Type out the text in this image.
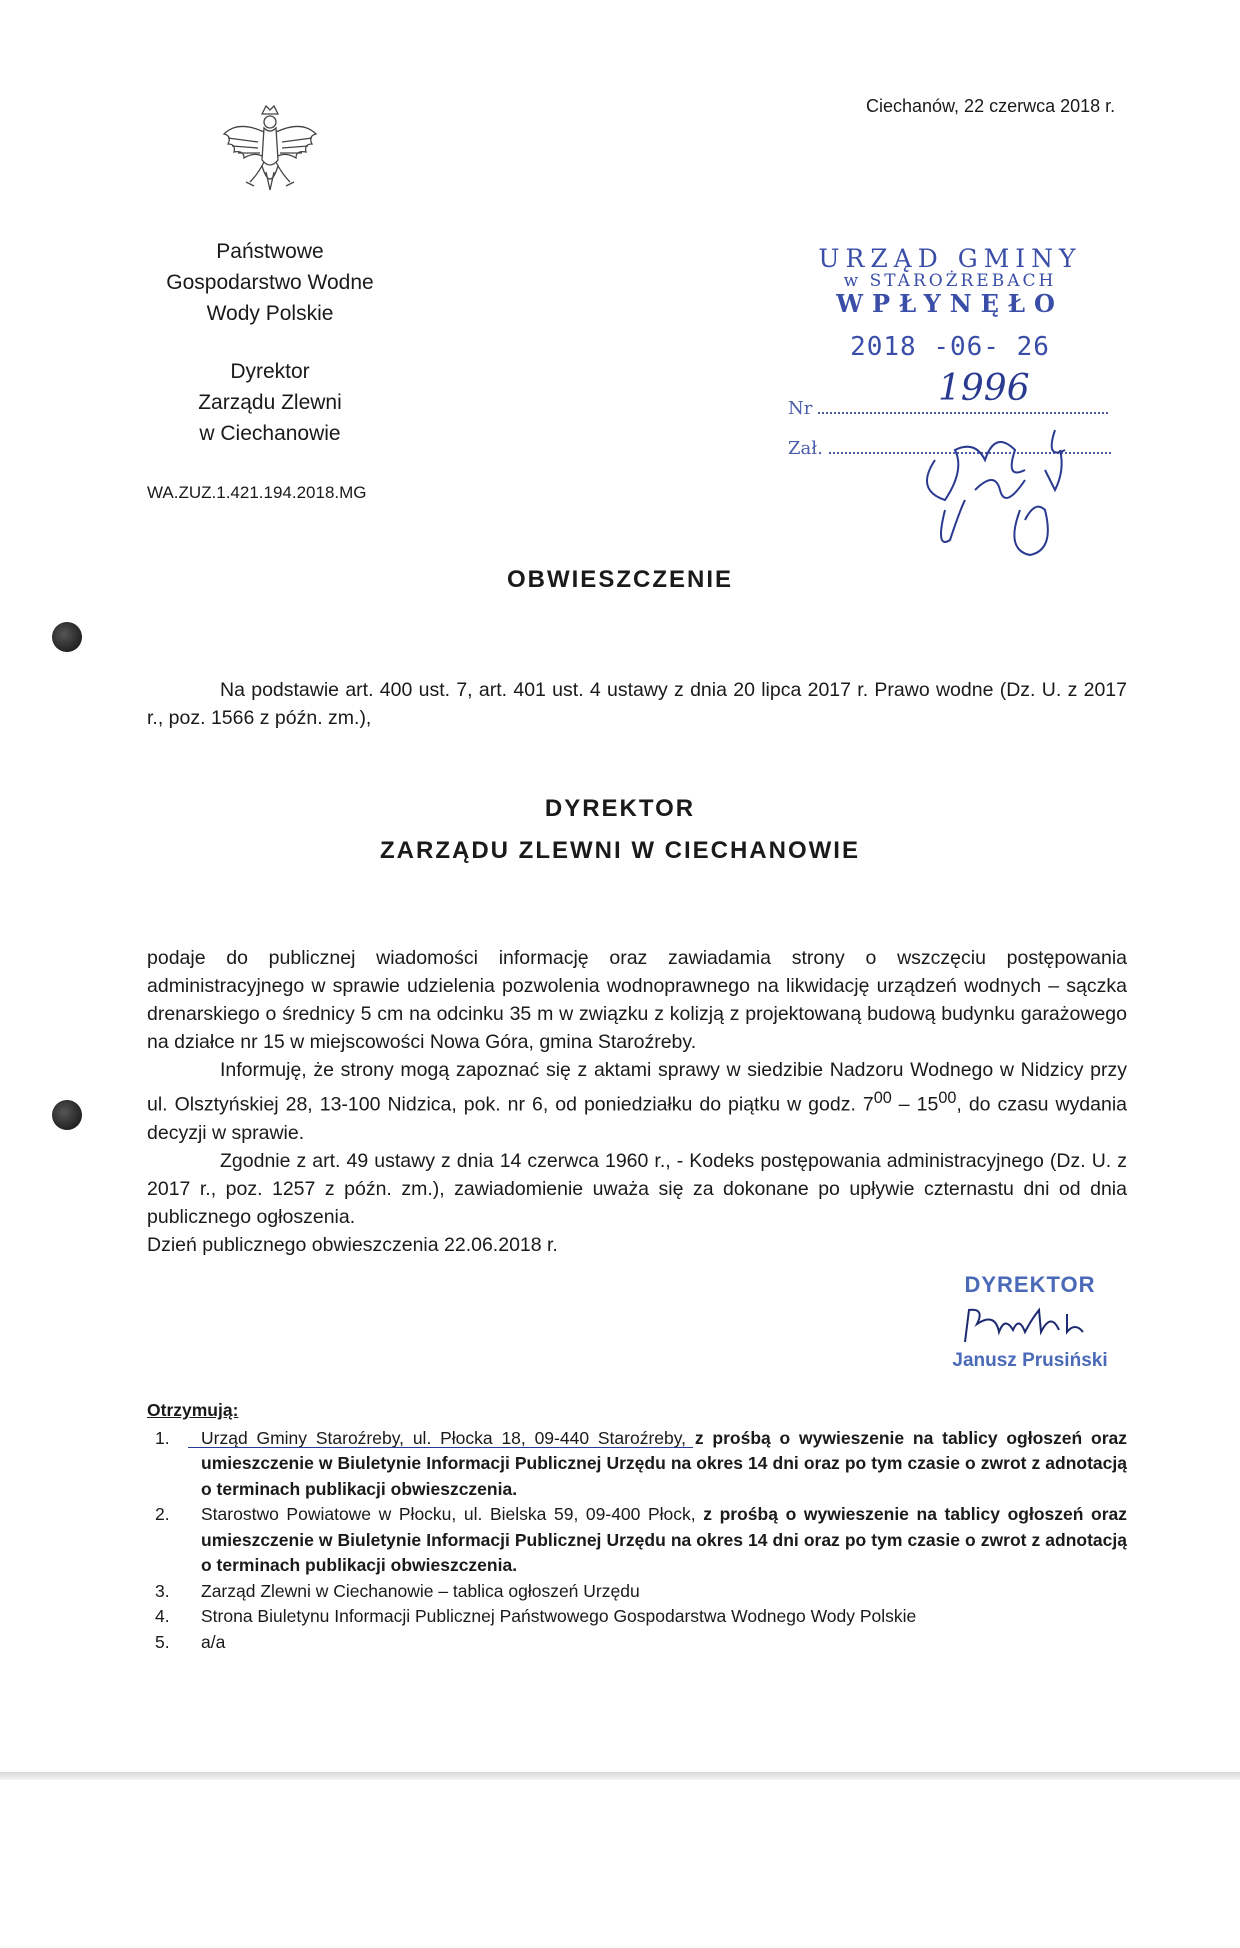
Ciechanów, 22 czerwca 2018 r.
Państwowe
Gospodarstwo Wodne
Wody Polskie
Dyrektor
Zarządu Zlewni
w Ciechanowie
WA.ZUZ.1.421.194.2018.MG
URZĄD GMINY
w STAROŻREBACH
WPŁYNĘŁO
2018 -06- 26
Nr	1996
Zał.
OBWIESZCZENIE

Na podstawie art. 400 ust. 7, art. 401 ust. 4 ustawy z dnia 20 lipca 2017 r. Prawo wodne (Dz. U. z 2017 r., poz. 1566 z późn. zm.),

DYREKTOR
ZARZĄDU ZLEWNI W CIECHANOWIE

podaje do publicznej wiadomości informację oraz zawiadamia strony o wszczęciu postępowania administracyjnego w sprawie udzielenia pozwolenia wodnoprawnego na likwidację urządzeń wodnych – sączka drenarskiego o średnicy 5 cm na odcinku 35 m w związku z kolizją z projektowaną budową budynku garażowego na działce nr 15 w miejscowości Nowa Góra, gmina Staroźreby.

Informuję, że strony mogą zapoznać się z aktami sprawy w siedzibie Nadzoru Wodnego w Nidzicy przy ul. Olsztyńskiej 28, 13-100 Nidzica, pok. nr 6, od poniedziałku do piątku w godz. $7^{00} - 15^{00}$, do czasu wydania decyzji w sprawie.

Zgodnie z art. 49 ustawy z dnia 14 czerwca 1960 r., - Kodeks postępowania administracyjnego (Dz. U. z 2017 r., poz. 1257 z późn. zm.), zawiadomienie uważa się za dokonane po upływie czternastu dni od dnia publicznego ogłoszenia.

Dzień publicznego obwieszczenia 22.06.2018 r.

DYREKTOR
Janusz Prusiński
Otrzymują:
1.	Urząd Gminy Staroźreby, ul. Płocka 18, 09-440 Staroźreby, z prośbą o wywieszenie na tablicy ogłoszeń oraz umieszczenie w Biuletynie Informacji Publicznej Urzędu na okres 14 dni oraz po tym czasie o zwrot z adnotacją o terminach publikacji obwieszczenia.
2.	Starostwo Powiatowe w Płocku, ul. Bielska 59, 09-400 Płock, z prośbą o wywieszenie na tablicy ogłoszeń oraz umieszczenie w Biuletynie Informacji Publicznej Urzędu na okres 14 dni oraz po tym czasie o zwrot z adnotacją o terminach publikacji obwieszczenia.
3.	Zarząd Zlewni w Ciechanowie – tablica ogłoszeń Urzędu
4.	Strona Biuletynu Informacji Publicznej Państwowego Gospodarstwa Wodnego Wody Polskie
5.	a/a
